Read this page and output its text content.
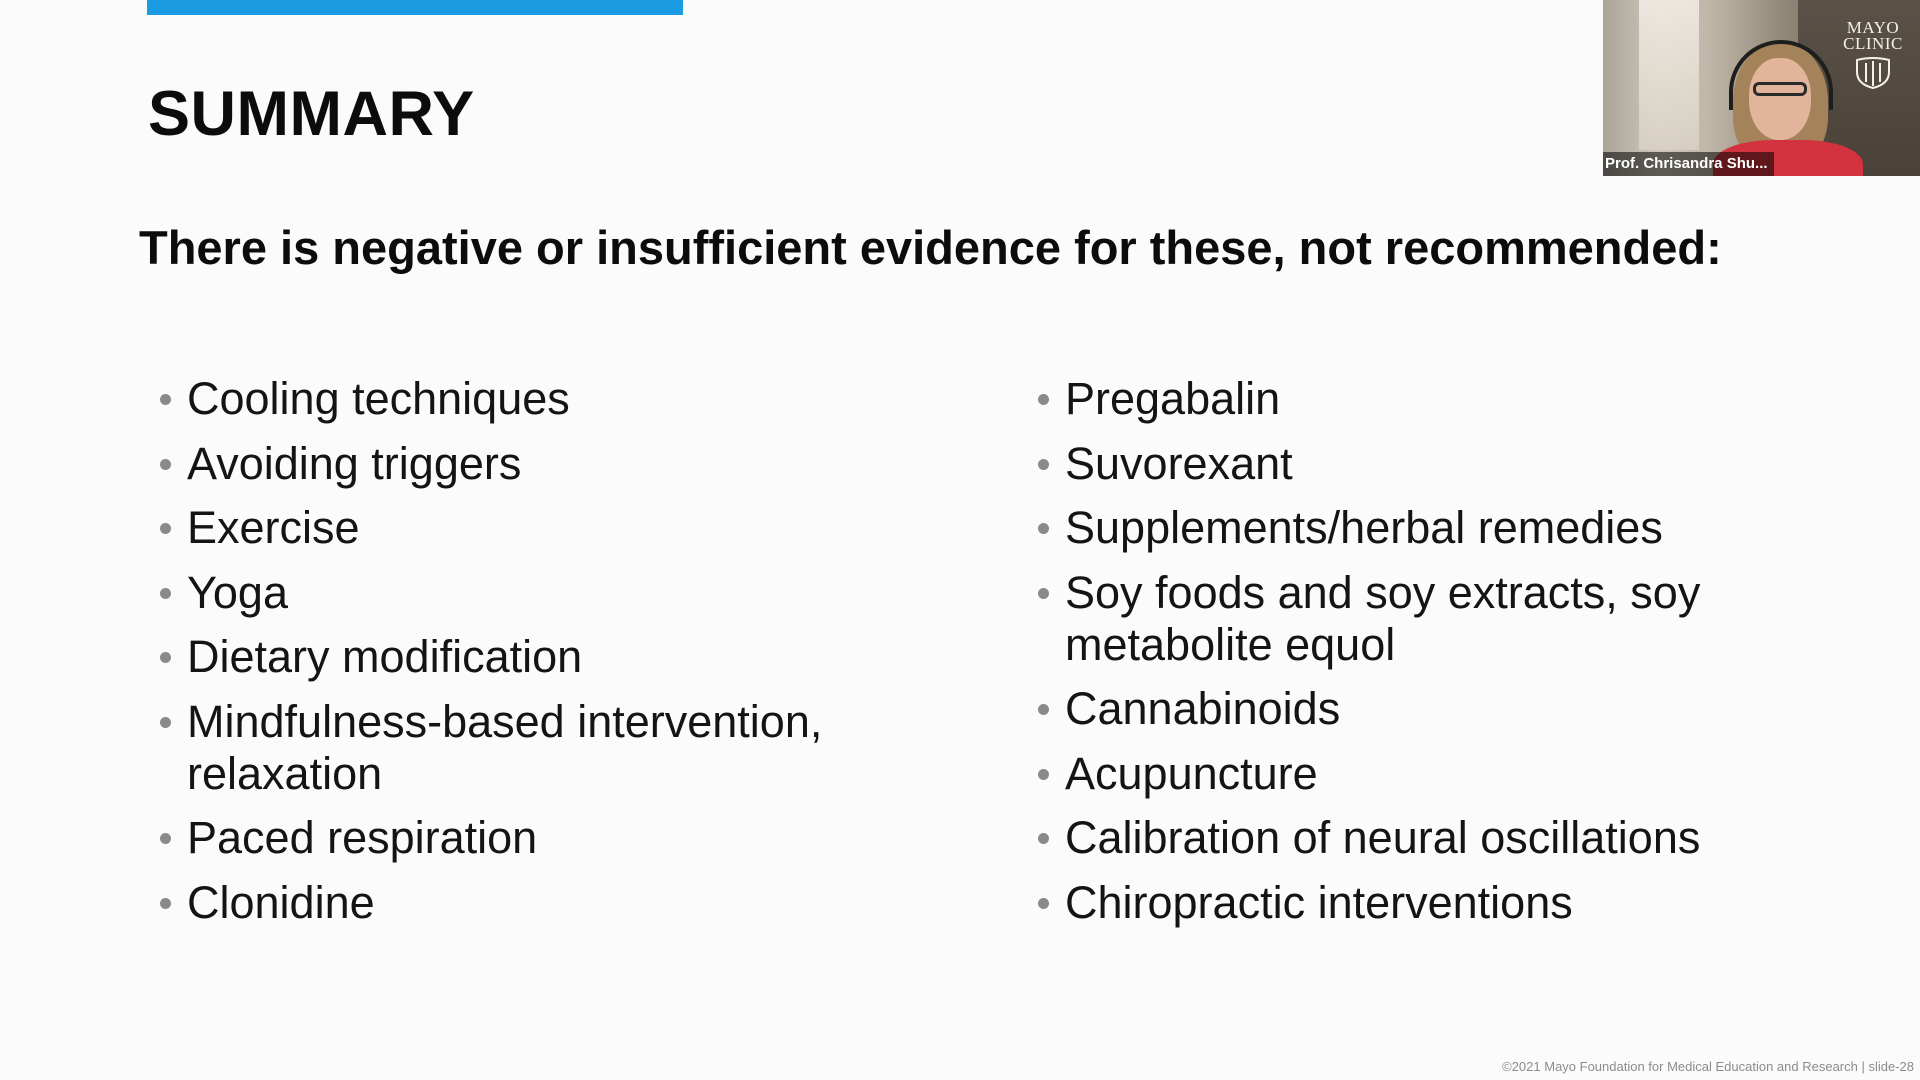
SUMMARY

There is negative or insufficient evidence for these, not recommended:

Cooling techniques
Avoiding triggers
Exercise
Yoga
Dietary modification
Mindfulness-based intervention, relaxation
Paced respiration
Clonidine
Pregabalin
Suvorexant
Supplements/herbal remedies
Soy foods and soy extracts, soy metabolite equol
Cannabinoids
Acupuncture
Calibration of neural oscillations
Chiropractic interventions
MAYO
CLINIC
Prof. Chrisandra Shu...
©2021 Mayo Foundation for Medical Education and Research | slide-28
